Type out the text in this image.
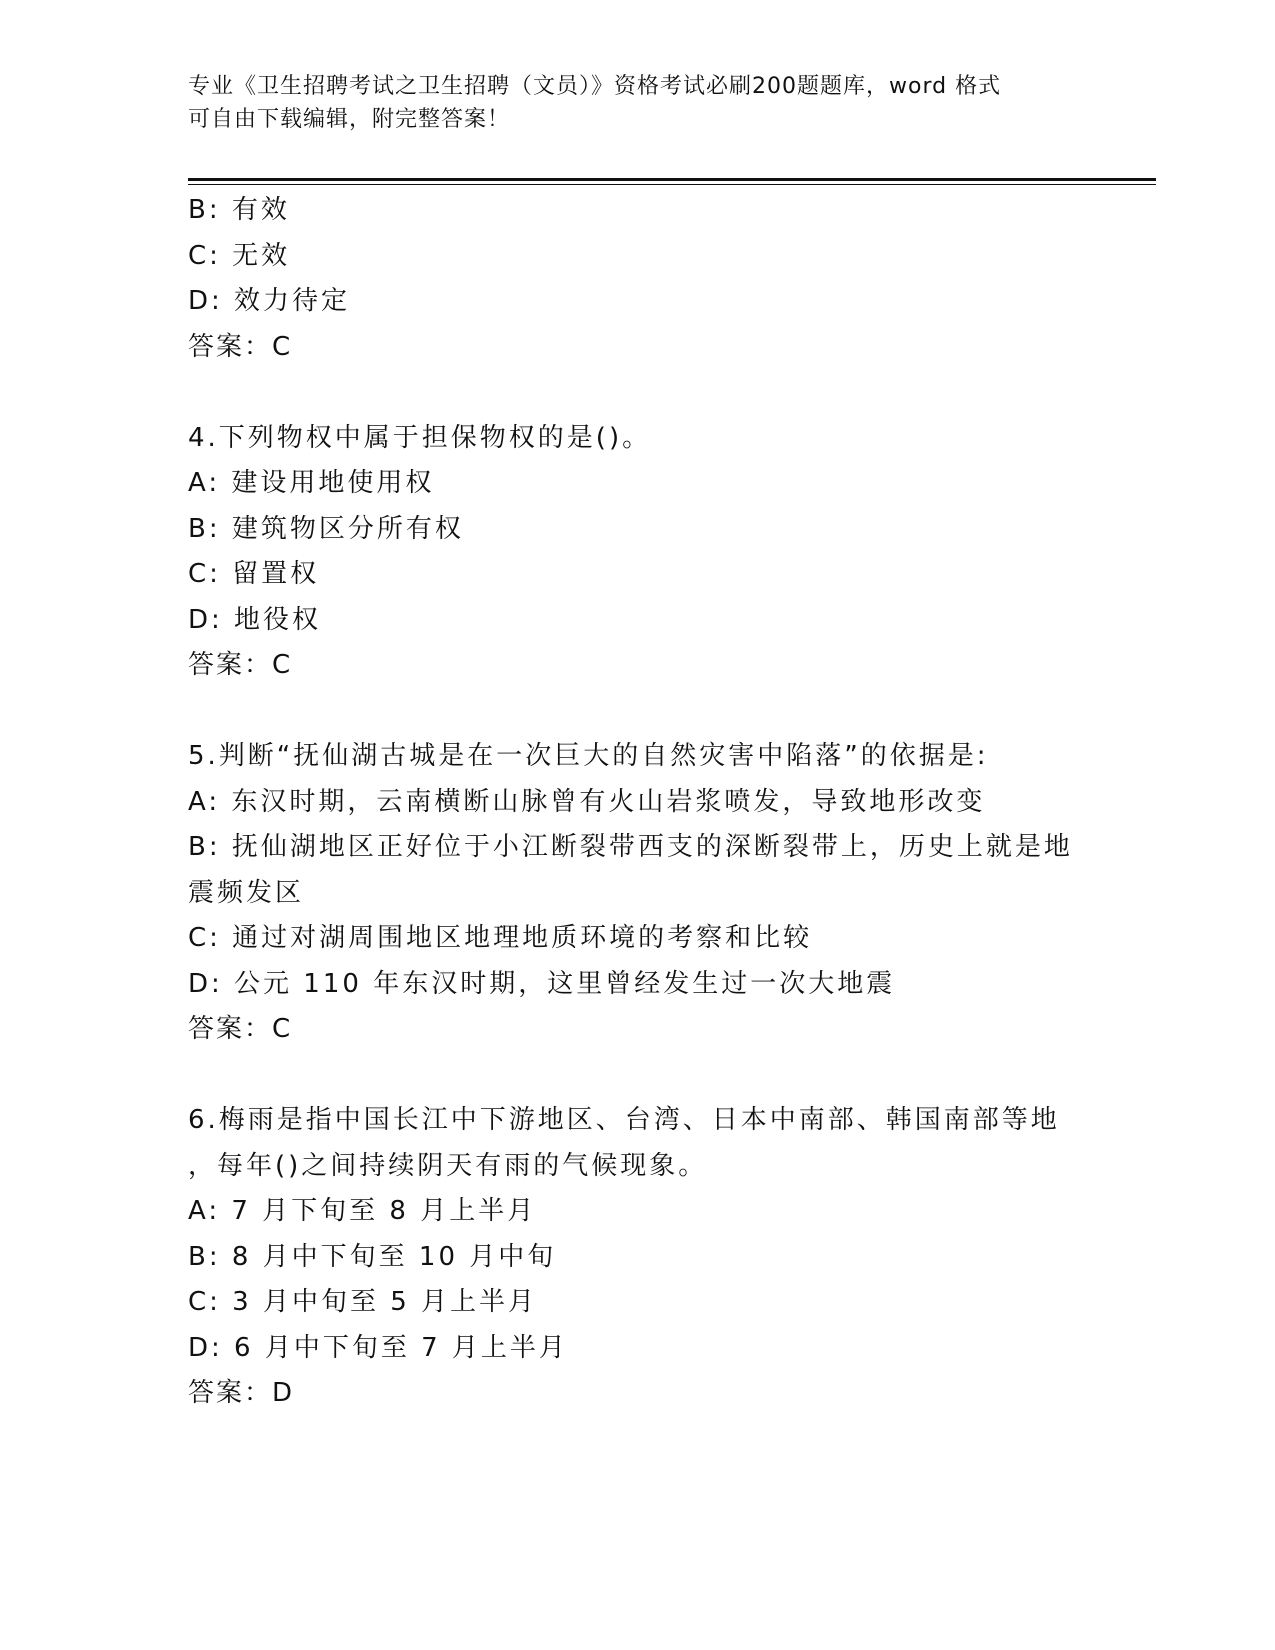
专业《卫生招聘考试之卫生招聘（文员）》资格考试必刷200题题库，word 格式
可自由下载编辑，附完整答案！
B: 有效
C: 无效
D: 效力待定
答案：C
4.下列物权中属于担保物权的是()。
A: 建设用地使用权
B: 建筑物区分所有权
C: 留置权
D: 地役权
答案：C
5.判断“抚仙湖古城是在一次巨大的自然灾害中陷落”的依据是:
A: 东汉时期，云南横断山脉曾有火山岩浆喷发，导致地形改变
B: 抚仙湖地区正好位于小江断裂带西支的深断裂带上，历史上就是地
震频发区
C: 通过对湖周围地区地理地质环境的考察和比较
D: 公元 110 年东汉时期，这里曾经发生过一次大地震
答案：C
6.梅雨是指中国长江中下游地区、台湾、日本中南部、韩国南部等地
，每年()之间持续阴天有雨的气候现象。
A: 7 月下旬至 8 月上半月
B: 8 月中下旬至 10 月中旬
C: 3 月中旬至 5 月上半月
D: 6 月中下旬至 7 月上半月
答案：D
